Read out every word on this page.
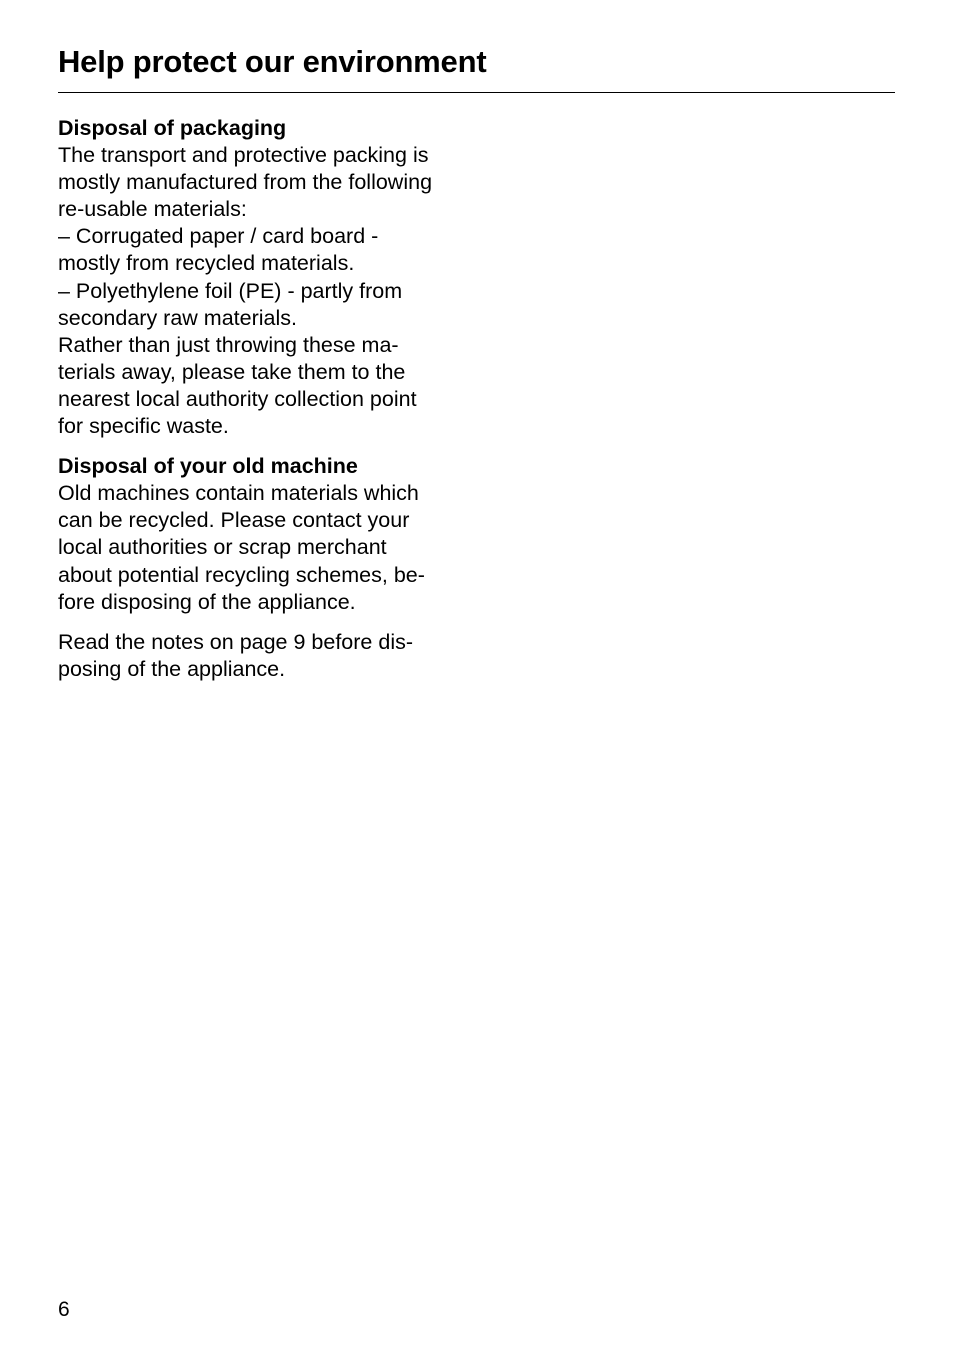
Help protect our environment
Disposal of packaging
The transport and protective packing is
mostly manufactured from the following
re-usable materials:
– Corrugated paper / card board -
mostly from recycled materials.
– Polyethylene foil (PE) - partly from
secondary raw materials.
Rather than just throwing these ma-
terials away, please take them to the
nearest local authority collection point
for specific waste.
Disposal of your old machine
Old machines contain materials which
can be recycled. Please contact your
local authorities or scrap merchant
about potential recycling schemes, be-
fore disposing of the appliance.
Read the notes on page 9 before dis-
posing of the appliance.
6
